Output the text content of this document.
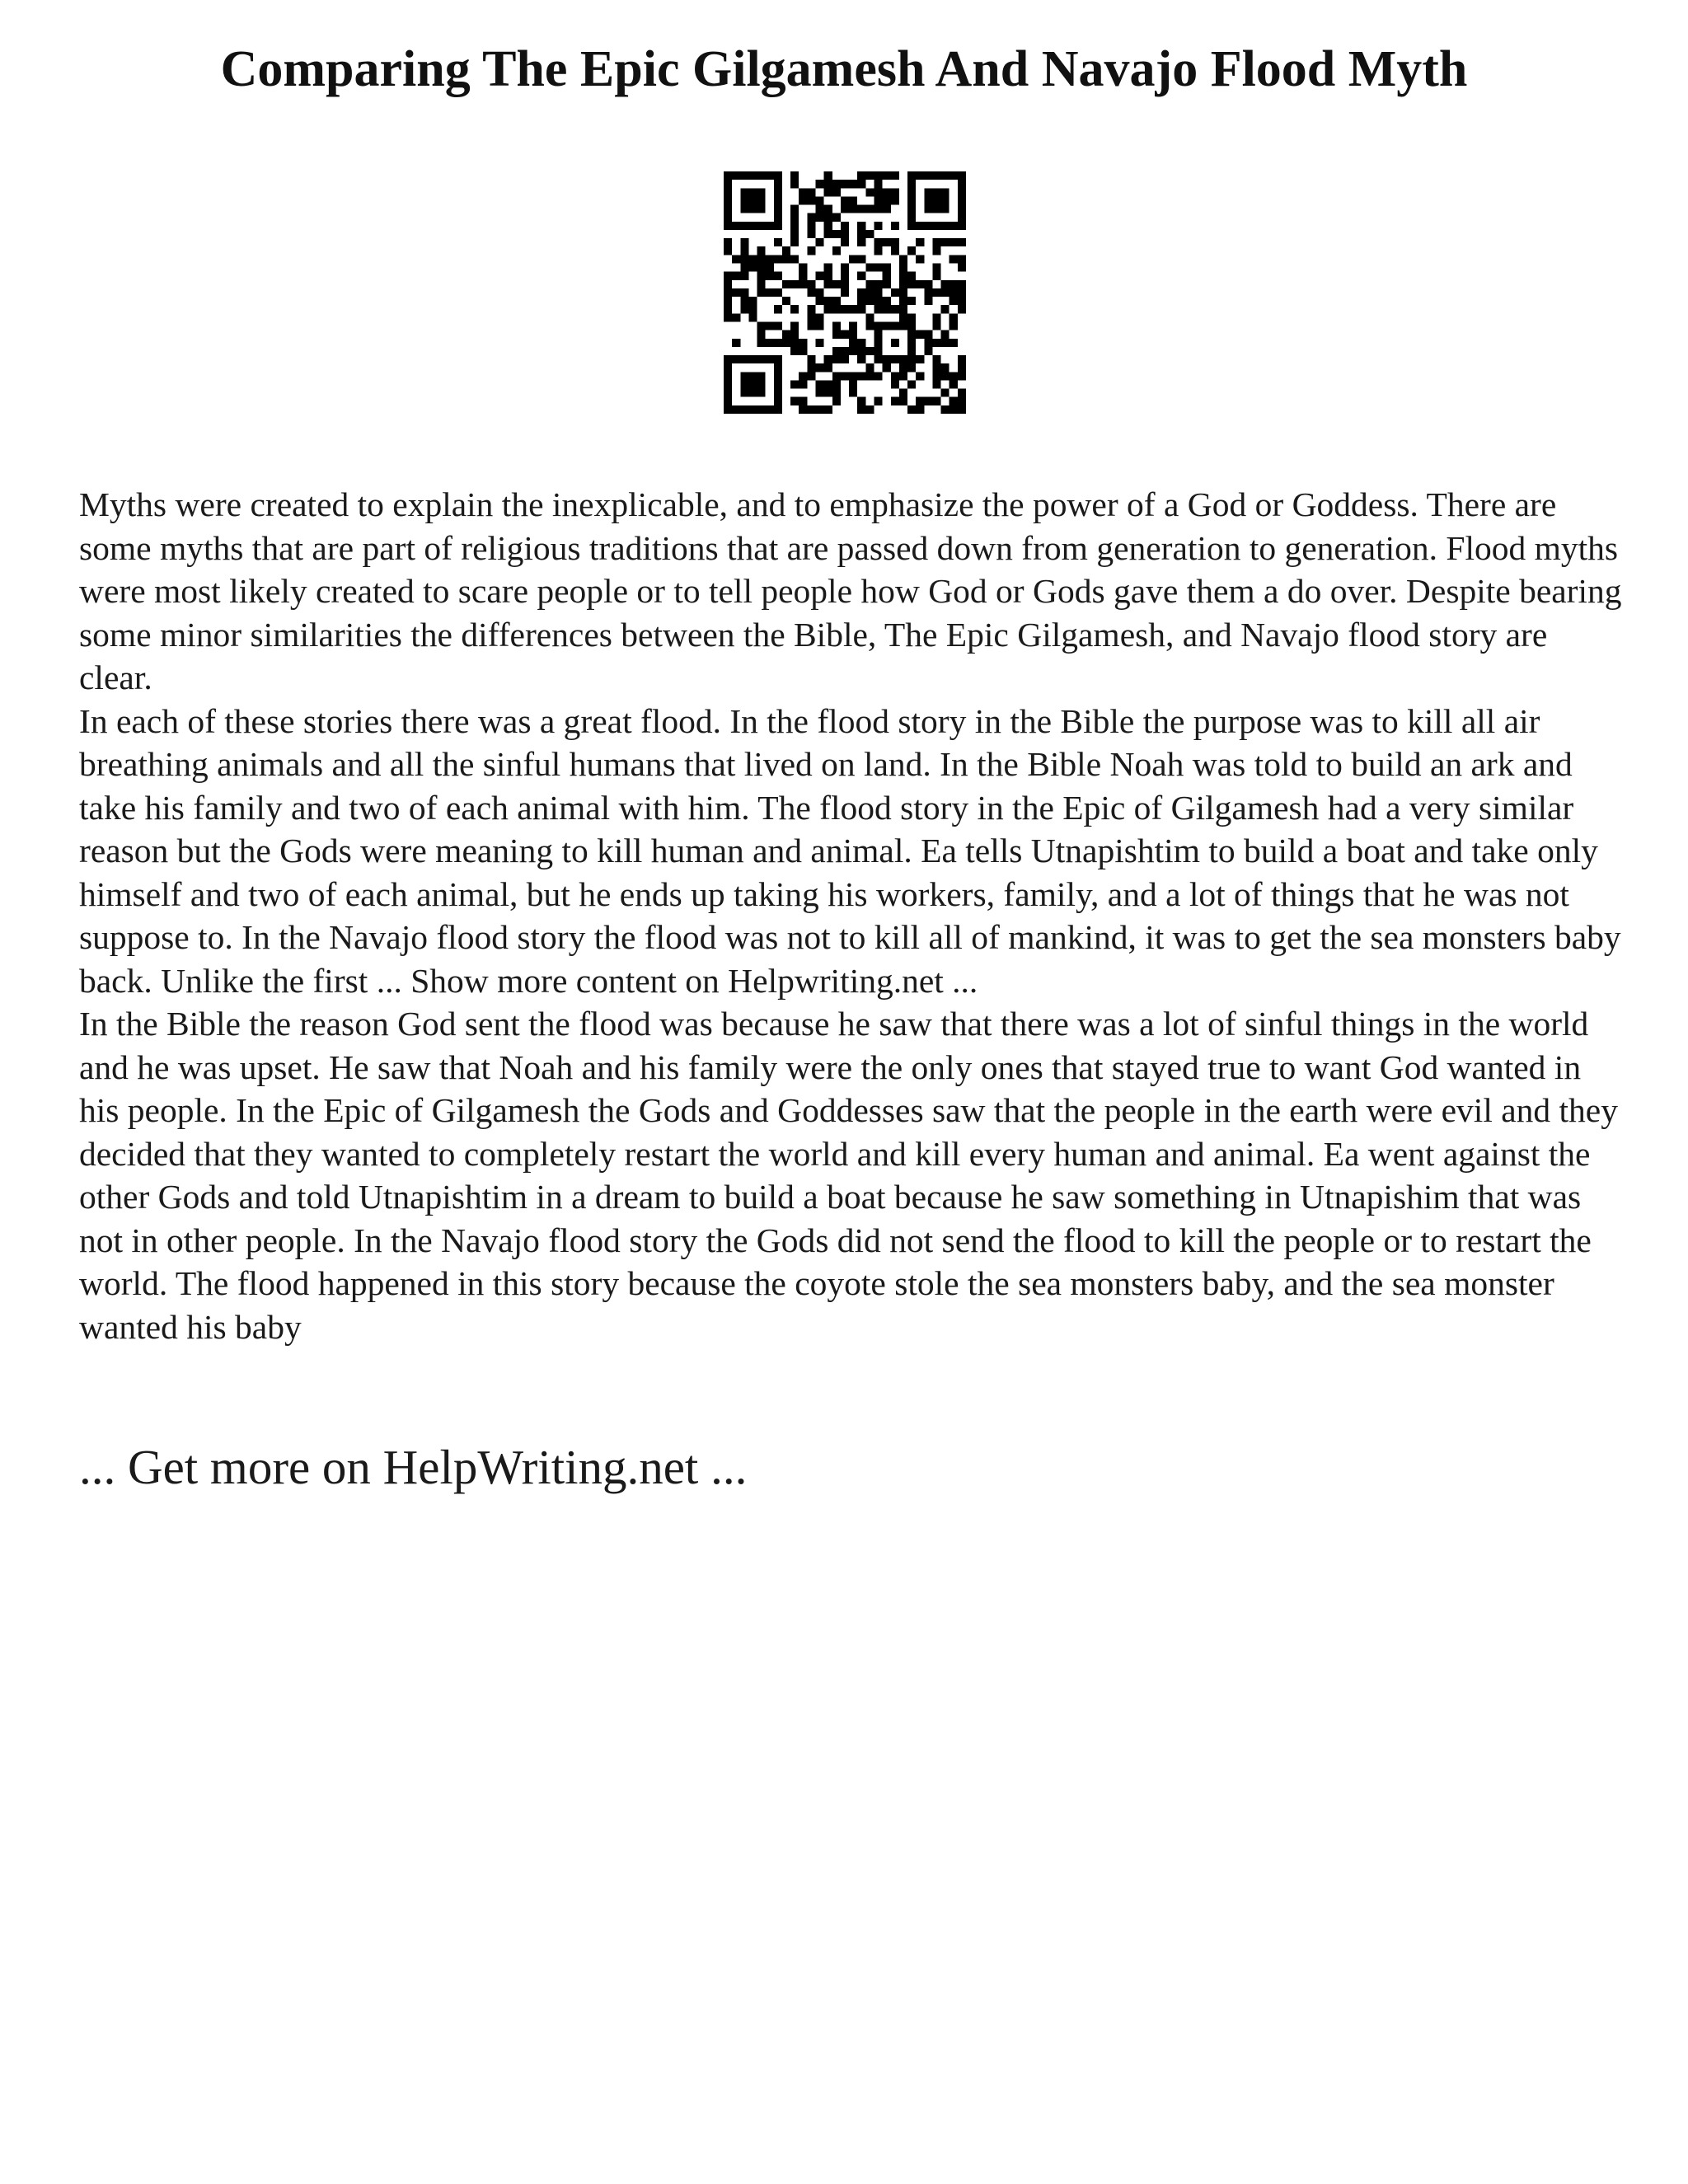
Comparing The Epic Gilgamesh And Navajo Flood Myth

Myths were created to explain the inexplicable, and to emphasize the power of a God or Goddess. There are some myths that are part of religious traditions that are passed down from generation to generation. Flood myths were most likely created to scare people or to tell people how God or Gods gave them a do over. Despite bearing some minor similarities the differences between the Bible, The Epic Gilgamesh, and Navajo flood story are clear.

In each of these stories there was a great flood. In the flood story in the Bible the purpose was to kill all air breathing animals and all the sinful humans that lived on land. In the Bible Noah was told to build an ark and take his family and two of each animal with him. The flood story in the Epic of Gilgamesh had a very similar reason but the Gods were meaning to kill human and animal. Ea tells Utnapishtim to build a boat and take only himself and two of each animal, but he ends up taking his workers, family, and a lot of things that he was not suppose to. In the Navajo flood story the flood was not to kill all of mankind, it was to get the sea monsters baby back. Unlike the first ... Show more content on Helpwriting.net ...

In the Bible the reason God sent the flood was because he saw that there was a lot of sinful things in the world and he was upset. He saw that Noah and his family were the only ones that stayed true to want God wanted in his people. In the Epic of Gilgamesh the Gods and Goddesses saw that the people in the earth were evil and they decided that they wanted to completely restart the world and kill every human and animal. Ea went against the other Gods and told Utnapishtim in a dream to build a boat because he saw something in Utnapishim that was not in other people. In the Navajo flood story the Gods did not send the flood to kill the people or to restart the world. The flood happened in this story because the coyote stole the sea monsters baby, and the sea monster wanted his baby

... Get more on HelpWriting.net ...
